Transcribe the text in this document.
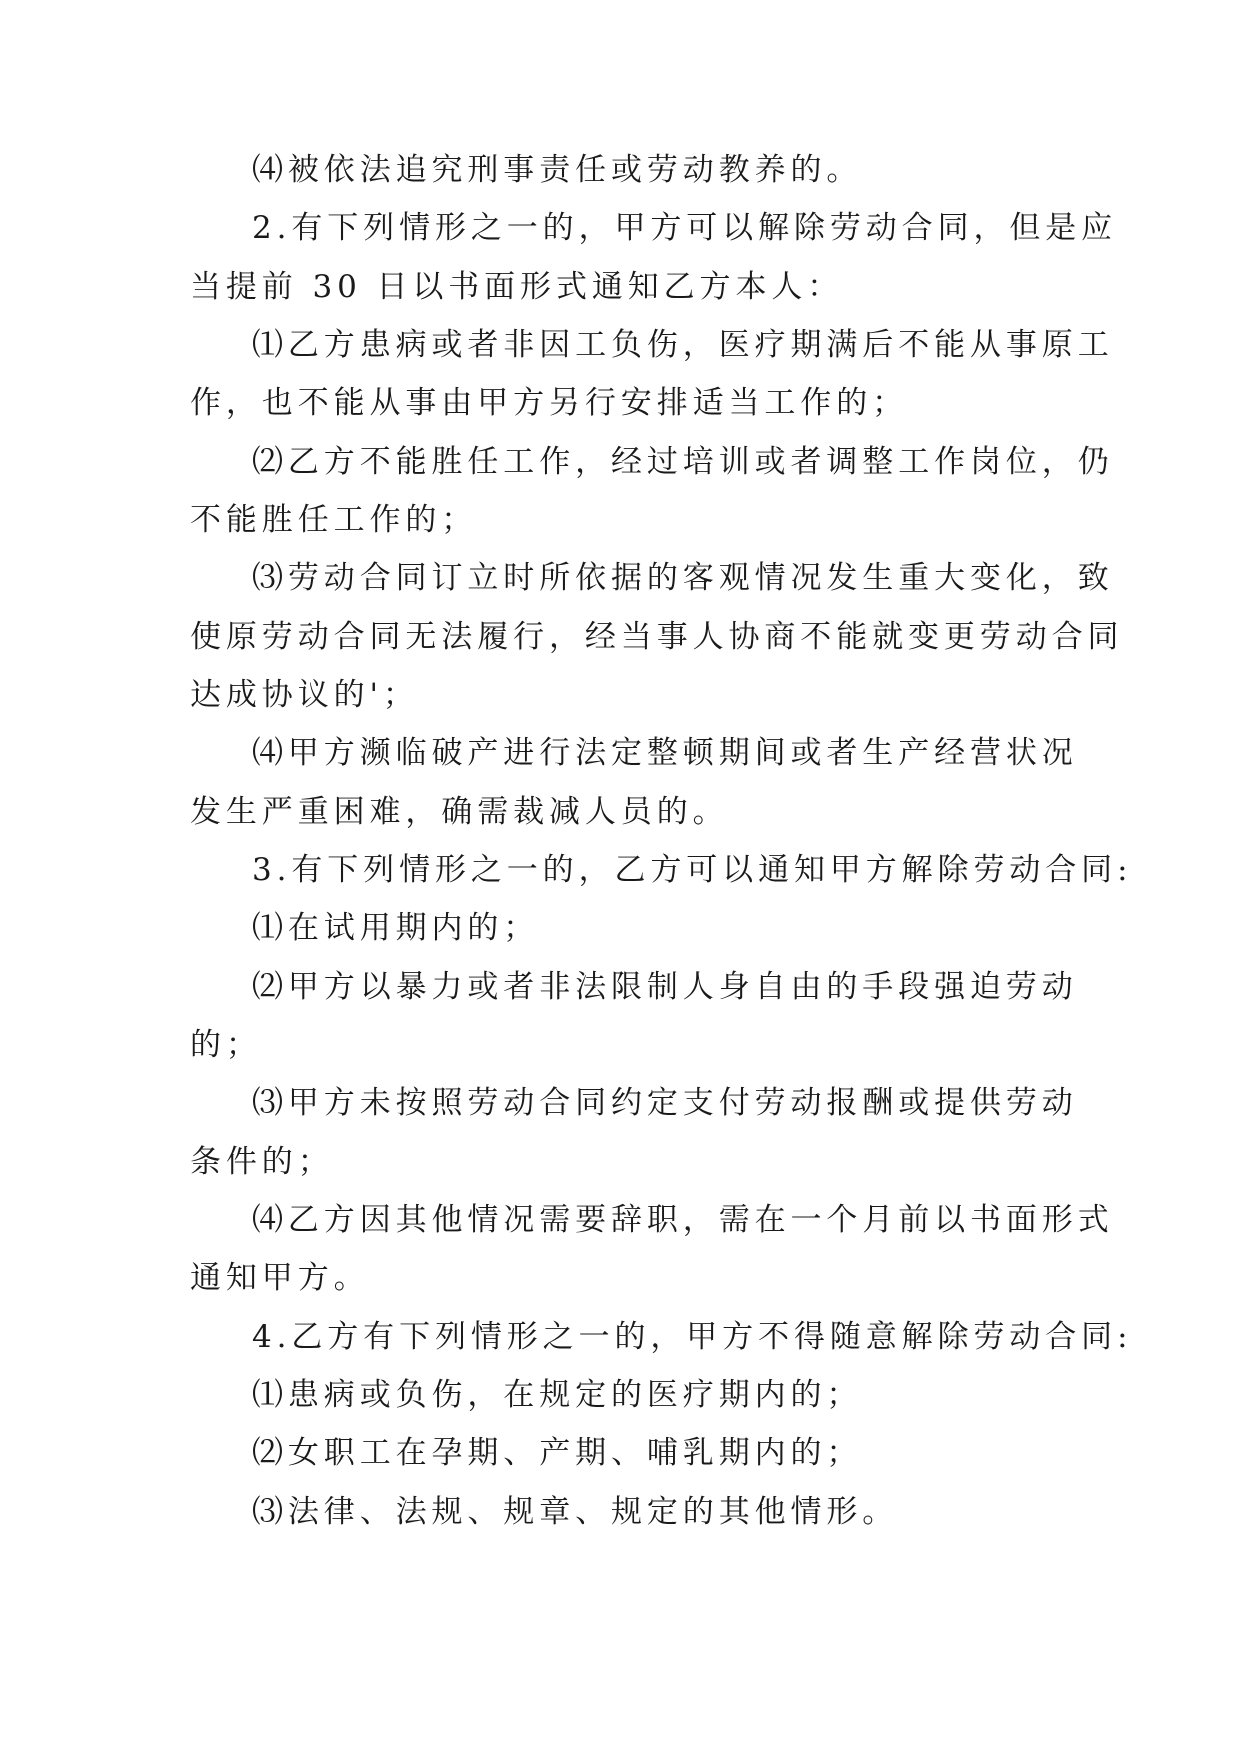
⑷被依法追究刑事责任或劳动教养的。
2.有下列情形之一的，甲方可以解除劳动合同，但是应
当提前 30 日以书面形式通知乙方本人：
⑴乙方患病或者非因工负伤，医疗期满后不能从事原工
作，也不能从事由甲方另行安排适当工作的；
⑵乙方不能胜任工作，经过培训或者调整工作岗位，仍
不能胜任工作的；
⑶劳动合同订立时所依据的客观情况发生重大变化，致
使原劳动合同无法履行，经当事人协商不能就变更劳动合同
达成协议的'；
⑷甲方濒临破产进行法定整顿期间或者生产经营状况
发生严重困难，确需裁减人员的。
3.有下列情形之一的，乙方可以通知甲方解除劳动合同:
⑴在试用期内的；
⑵甲方以暴力或者非法限制人身自由的手段强迫劳动
的；
⑶甲方未按照劳动合同约定支付劳动报酬或提供劳动
条件的；
⑷乙方因其他情况需要辞职，需在一个月前以书面形式
通知甲方。
4.乙方有下列情形之一的，甲方不得随意解除劳动合同:
⑴患病或负伤，在规定的医疗期内的；
⑵女职工在孕期、产期、哺乳期内的；
⑶法律、法规、规章、规定的其他情形。
